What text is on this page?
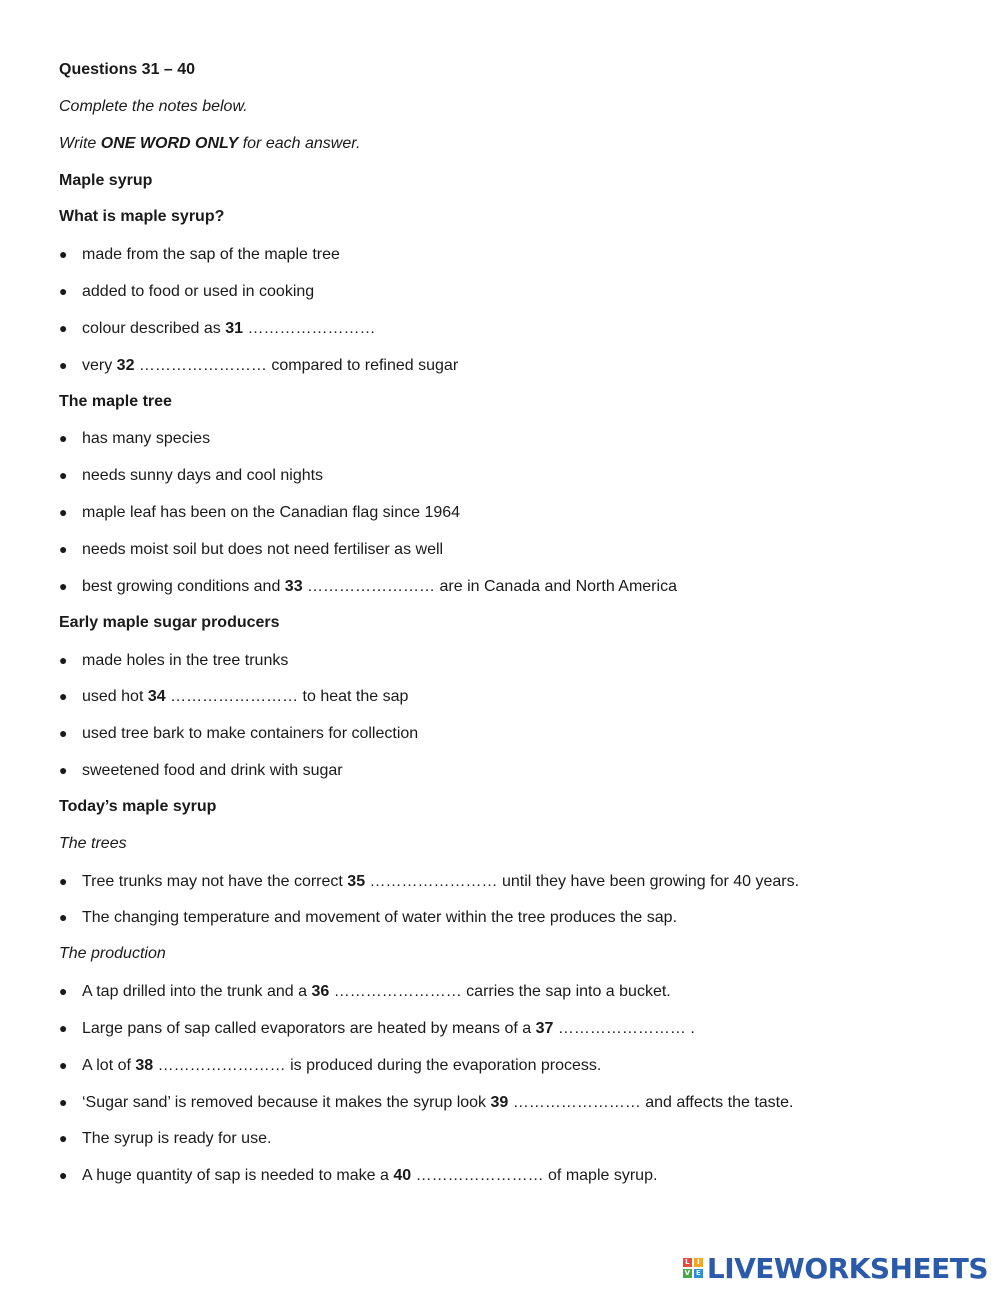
Questions 31 – 40
Complete the notes below.
Write ONE WORD ONLY for each answer.
Maple syrup
What is maple syrup?
● made from the sap of the maple tree
● added to food or used in cooking
● colour described as 31 ……………………
● very 32 …………………… compared to refined sugar
The maple tree
● has many species
● needs sunny days and cool nights
● maple leaf has been on the Canadian flag since 1964
● needs moist soil but does not need fertiliser as well
● best growing conditions and 33 …………………… are in Canada and North America
Early maple sugar producers
● made holes in the tree trunks
● used hot 34 …………………… to heat the sap
● used tree bark to make containers for collection
● sweetened food and drink with sugar
Today’s maple syrup
The trees
● Tree trunks may not have the correct 35 …………………… until they have been growing for 40 years.
● The changing temperature and movement of water within the tree produces the sap.
The production
● A tap drilled into the trunk and a 36 …………………… carries the sap into a bucket.
● Large pans of sap called evaporators are heated by means of a 37 …………………… .
● A lot of 38 …………………… is produced during the evaporation process.
● ‘Sugar sand’ is removed because it makes the syrup look 39 …………………… and affects the taste.
● The syrup is ready for use.
● A huge quantity of sap is needed to make a 40 …………………… of maple syrup.
L	I
V E LIVEWORKSHEETS
